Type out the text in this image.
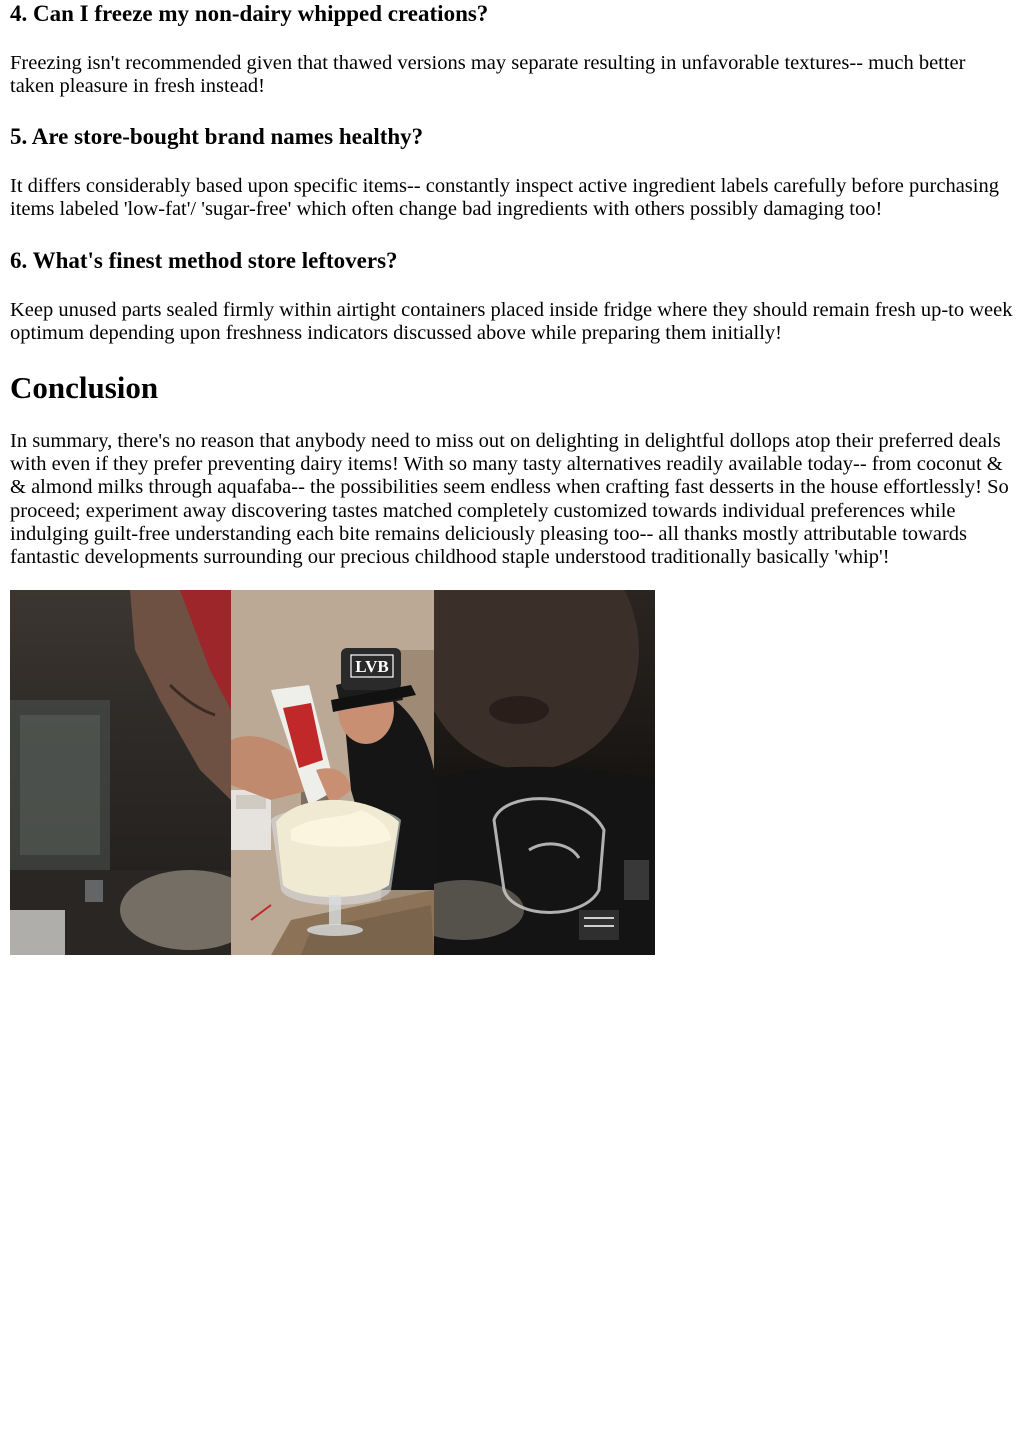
4. Can I freeze my non-dairy whipped creations?

Freezing isn't recommended given that thawed versions may separate resulting in unfavorable textures-- much better taken pleasure in fresh instead!

5. Are store-bought brand names healthy?

It differs considerably based upon specific items-- constantly inspect active ingredient labels carefully before purchasing items labeled 'low-fat'/ 'sugar-free' which often change bad ingredients with others possibly damaging too!

6. What's finest method store leftovers?

Keep unused parts sealed firmly within airtight containers placed inside fridge where they should remain fresh up-to week optimum depending upon freshness indicators discussed above while preparing them initially!

Conclusion

In summary, there's no reason that anybody need to miss out on delighting in delightful dollops atop their preferred deals with even if they prefer preventing dairy items! With so many tasty alternatives readily available today-- from coconut & & almond milks through aquafaba-- the possibilities seem endless when crafting fast desserts in the house effortlessly! So proceed; experiment away discovering tastes matched completely customized towards individual preferences while indulging guilt-free understanding each bite remains deliciously pleasing too-- all thanks mostly attributable towards fantastic developments surrounding our precious childhood staple understood traditionally basically 'whip'!

LVB
